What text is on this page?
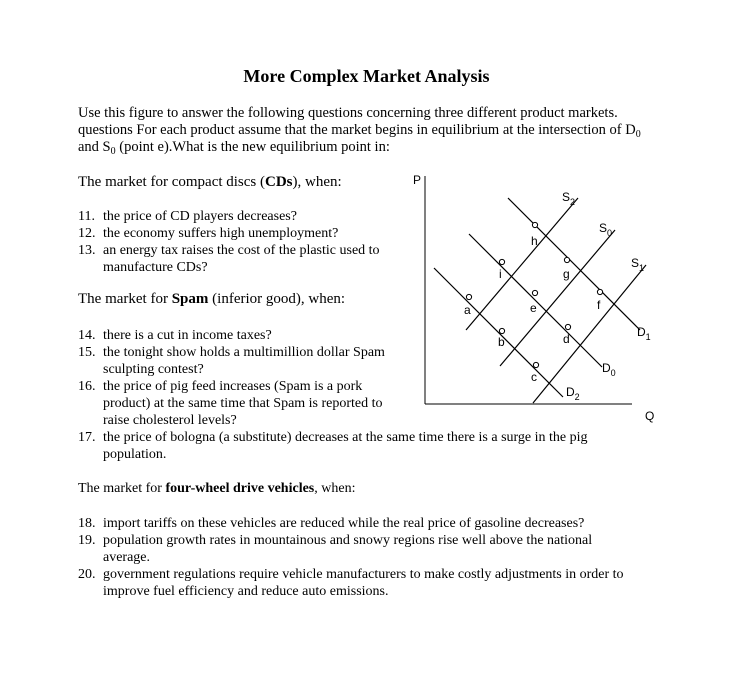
More Complex Market Analysis
Use this figure to answer the following questions concerning three different product markets.
questions For each product assume that the market begins in equilibrium at the intersection of $D_0$
and $S_0$ (point e).What is the new equilibrium point in:
The market for compact discs (CDs), when:
11. the price of CD players decreases?
12. the economy suffers high unemployment?
13. an energy tax raises the cost of the plastic used to manufacture CDs?
The market for Spam (inferior good), when:
14. there is a cut in income taxes?
15. the tonight show holds a multimillion dollar Spam sculpting contest?
16. the price of pig feed increases (Spam is a pork product) at the same time that Spam is reported to raise cholesterol levels?
17. the price of bologna (a substitute) decreases at the same time there is a surge in the pig population.
The market for four-wheel drive vehicles, when:
18. import tariffs on these vehicles are reduced while the real price of gasoline decreases?
19. population growth rates in mountainous and snowy regions rise well above the national average.
20. government regulations require vehicle manufacturers to make costly adjustments in order to improve fuel efficiency and reduce auto emissions.
P
Q
a
b
c
d
e	f
g
h
i
$S_2$
$S_0$
$S_1$
$D_1$
$D_0$
$D_2$
